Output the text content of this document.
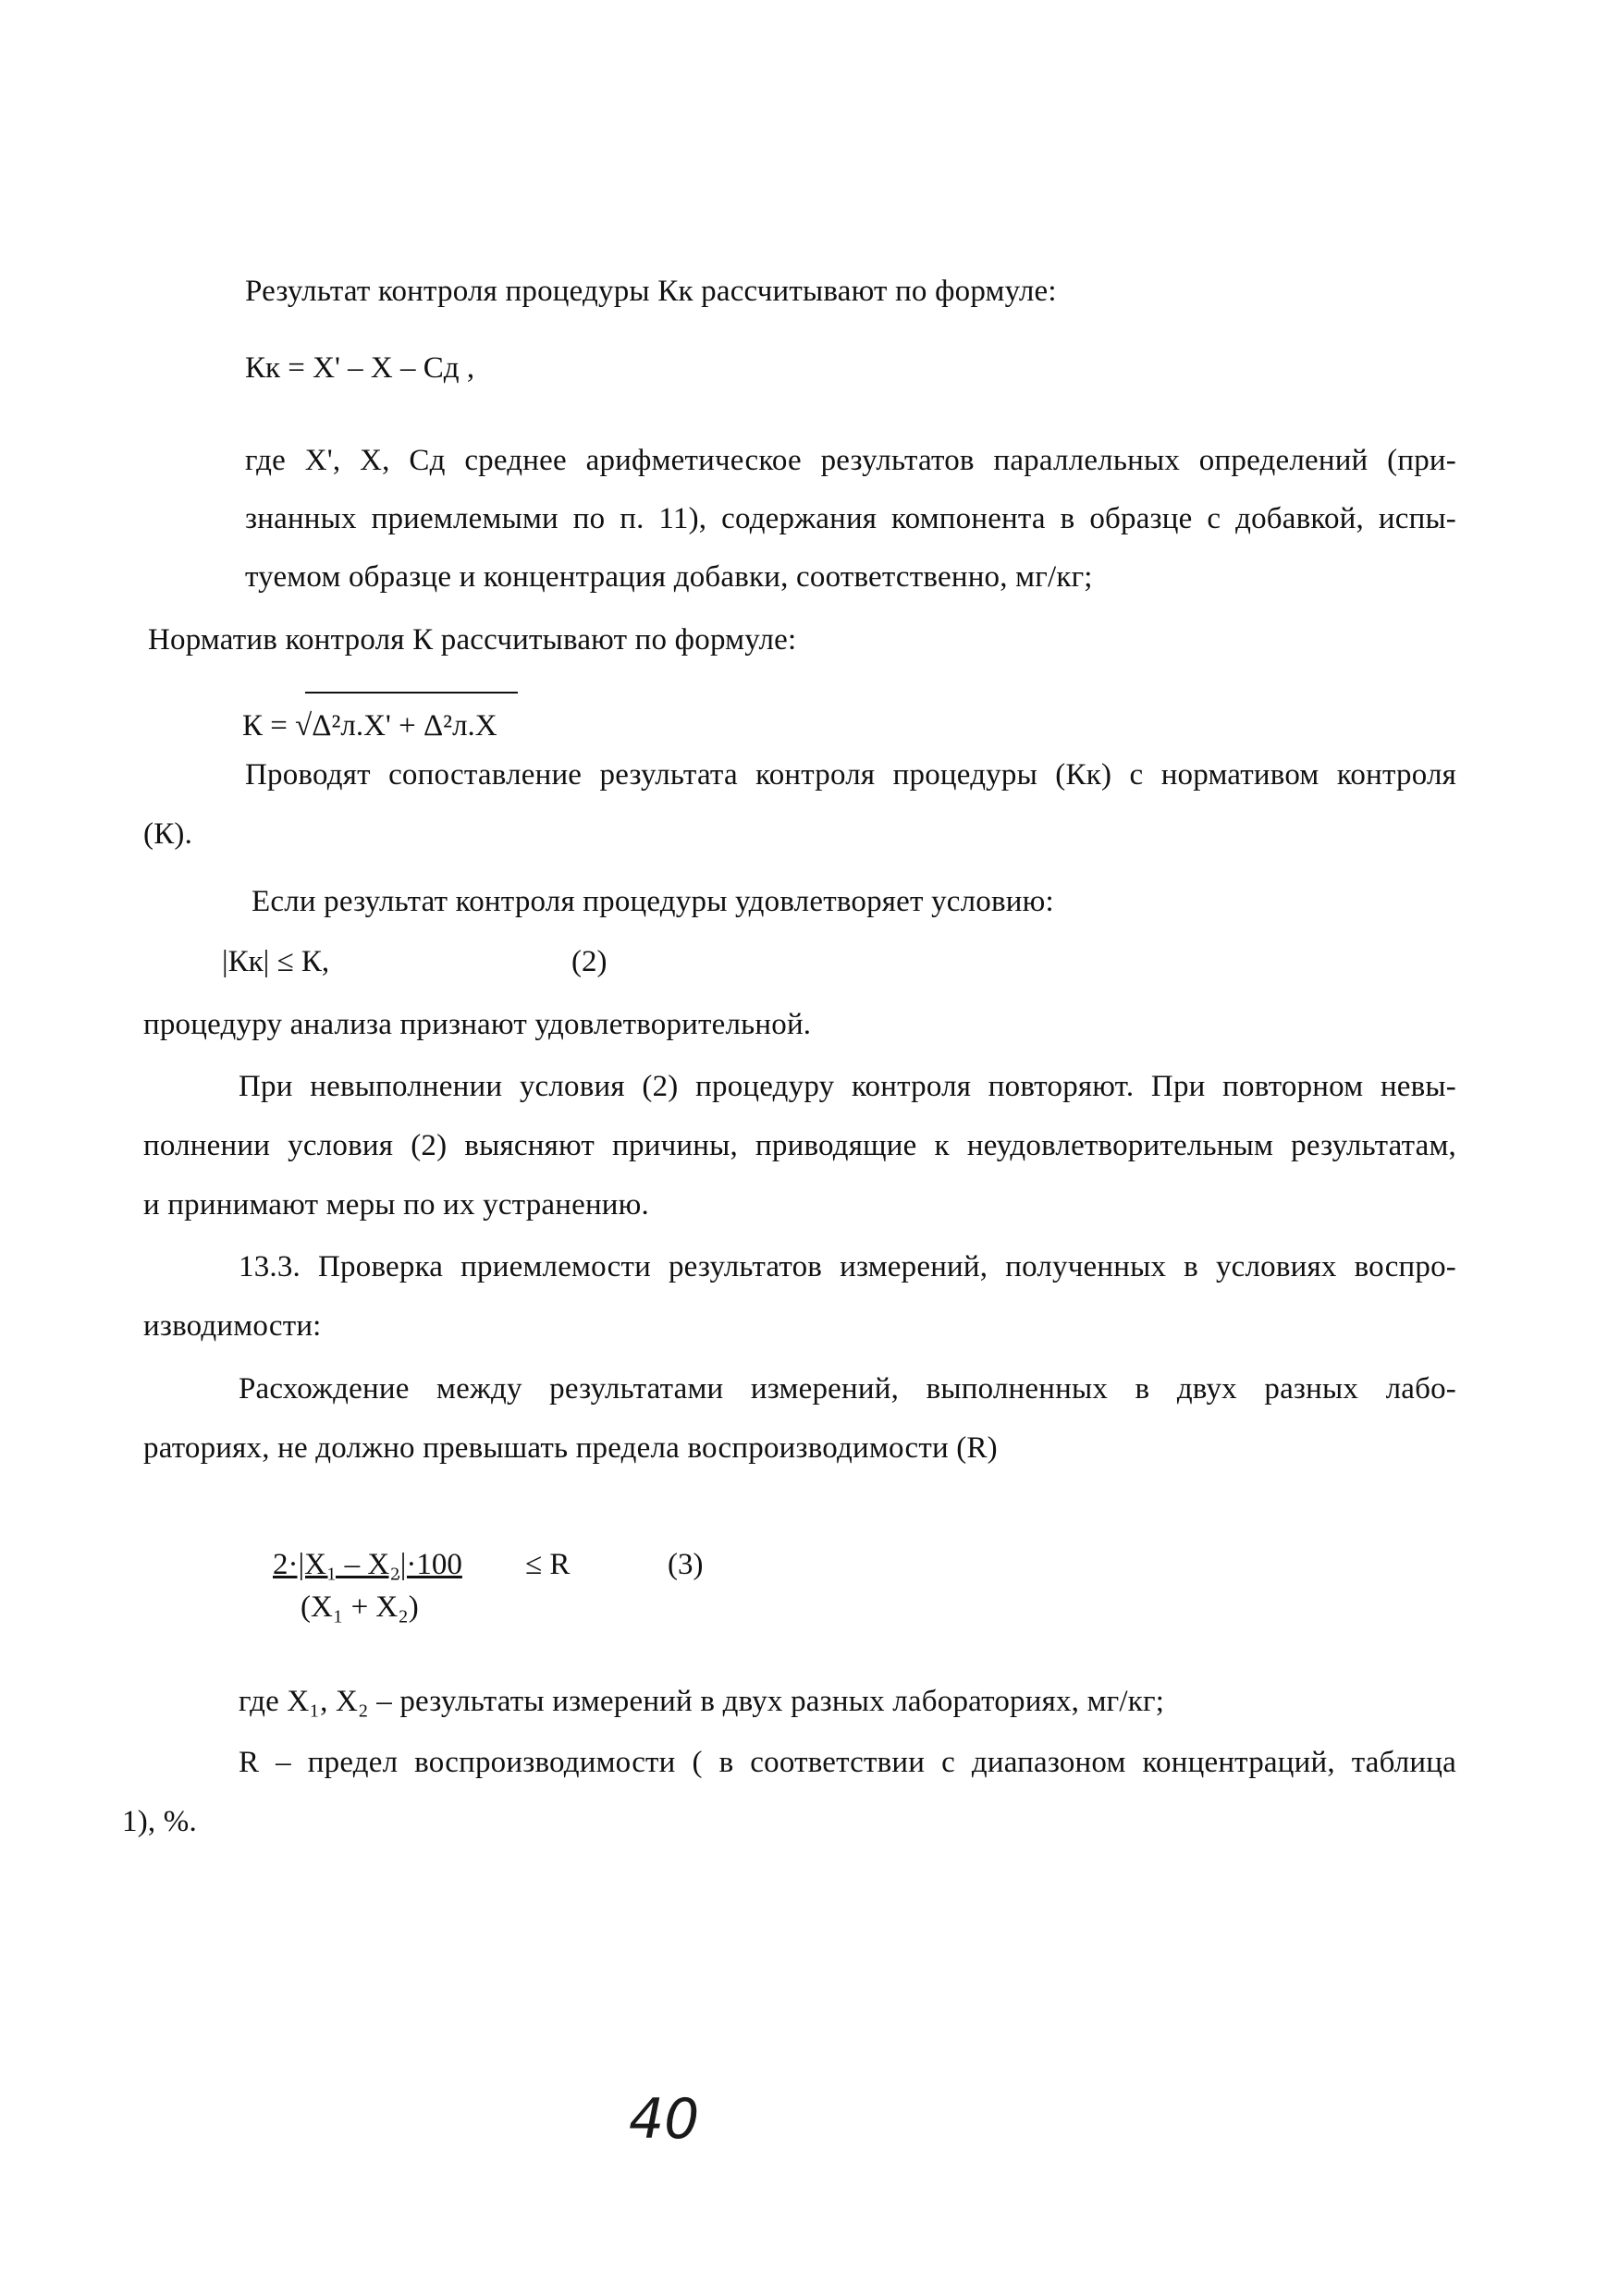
Результат контроля процедуры Кк рассчитывают по формуле:
Кк = X' – X – Сд ,
где X', X, Сд среднее арифметическое результатов параллельных определений (при-
знанных приемлемыми по п. 11), содержания компонента в образце с добавкой, испы-
туемом образце и концентрация добавки, соответственно, мг/кг;
Норматив контроля К рассчитывают по формуле:
К = √Δ²л.X' + Δ²л.X
Проводят сопоставление результата контроля процедуры (Кк) с нормативом контроля
(К).
Если результат контроля процедуры удовлетворяет условию:
|Кк| ≤ К,	(2)
процедуру анализа признают удовлетворительной.
При невыполнении условия (2) процедуру контроля повторяют. При повторном невы-
полнении условия (2) выясняют причины, приводящие к неудовлетворительным результатам,
и принимают меры по их устранению.
13.3. Проверка приемлемости результатов измерений, полученных в условиях воспро-
изводимости:
Расхождение между результатами измерений, выполненных в двух разных лабо-
раториях, не должно превышать предела воспроизводимости (R)
2·|X₁ – X₂|·100 ≤ R
(X₁ + X₂)
(3)
где X₁, X₂ – результаты измерений в двух разных лабораториях, мг/кг;
R – предел воспроизводимости ( в соответствии с диапазоном концентраций, таблица
1), %.
40
